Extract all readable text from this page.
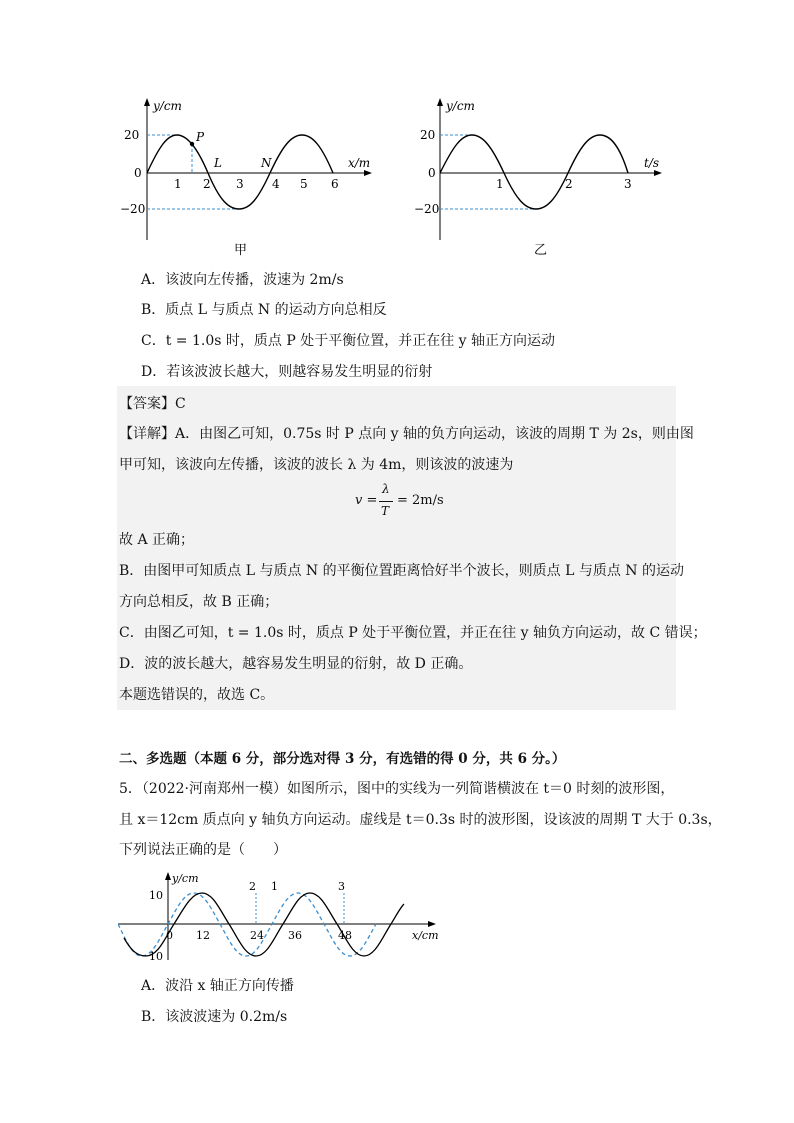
y/cm
x/m
20
0
−20
P
L	N
1 2 3 4 5 6
甲
y/cm
t/s
20
0
−20
1	2	3
乙
A．该波向左传播，波速为 2m/s
B．质点 L 与质点 N 的运动方向总相反
C．t = 1.0s 时，质点 P 处于平衡位置，并正在往 y 轴正方向运动
D．若该波波长越大，则越容易发生明显的衍射
【答案】C
【详解】A．由图乙可知，0.75s 时 P 点向 y 轴的负方向运动，该波的周期 T 为 2s，则由图
甲可知，该波向左传播，该波的波长 λ 为 4m，则该波的波速为
v =
λ
T
= 2m/s
故 A 正确；
B．由图甲可知质点 L 与质点 N 的平衡位置距离恰好半个波长，则质点 L 与质点 N 的运动
方向总相反，故 B 正确；
C．由图乙可知，t = 1.0s 时，质点 P 处于平衡位置，并正在往 y 轴负方向运动，故 C 错误；
D．波的波长越大，越容易发生明显的衍射，故 D 正确。
本题选错误的，故选 C。
二、多选题（本题 6 分，部分选对得 3 分，有选错的得 0 分，共 6 分。）
5．（2022·河南郑州一模）如图所示，图中的实线为一列简谐横波在 t＝0 时刻的波形图，
且 x＝12cm 质点向 y 轴负方向运动。虚线是 t＝0.3s 时的波形图，设该波的周期 T 大于 0.3s，
下列说法正确的是（　　）
y/cm
x/cm
10
10
2 1	3
0 12	24 36	48
A．波沿 x 轴正方向传播
B．该波波速为 0.2m/s
